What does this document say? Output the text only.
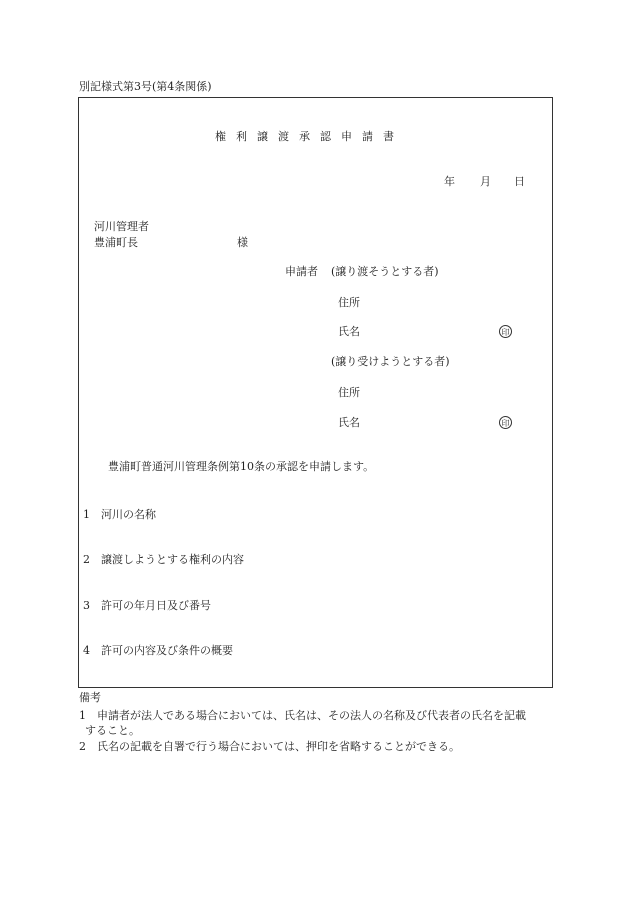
別記様式第3号(第4条関係)
権利譲渡承認申請書
年 月 日
河川管理者
豊浦町長	様
申請者 (譲り渡そうとする者)
住所
氏名	印
(譲り受けようとする者)
住所
氏名	印
豊浦町普通河川管理条例第10条の承認を申請します。
1 河川の名称
2 譲渡しようとする権利の内容
3 許可の年月日及び番号
4 許可の内容及び条件の概要
備考
1　申請者が法人である場合においては、氏名は、その法人の名称及び代表者の氏名を記載
すること。
2　氏名の記載を自署で行う場合においては、押印を省略することができる。
